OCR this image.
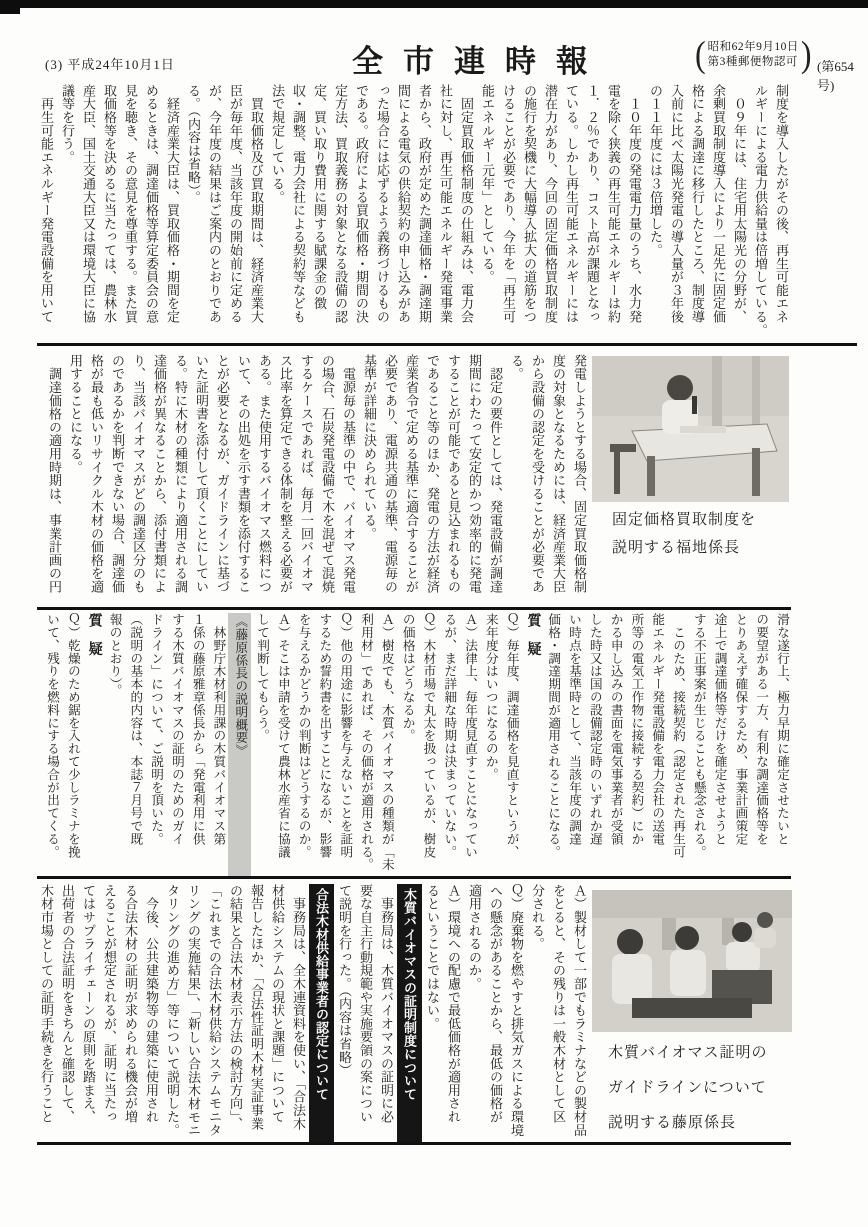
(3) 平成24年10月1日	全市連時報	( 昭和62年9月10日
第3種郵便物認可 ) (第654号)

制度を導入したがその後、再生可能エネ

ルギーによる電力供給量は倍増している。

　０９年には、住宅用太陽光の分野が、

余剰買取制度導入により一足先に固定価

格による調達に移行したところ、制度導

入前に比べ太陽光発電の導入量が３年後

の１１年度には３倍増した。

　１０年度の発電電力量のうち、水力発

電を除く狭義の再生可能エネルギーは約

１．２％であり、コスト高が課題となっ

ている。しかし再生可能エネルギーには

潜在力があり、今回の固定価格買取制度

の施行を契機に大幅導入拡大の道筋をつ

けることが必要であり、今年を「再生可

能エネルギー元年」としている。

　固定買取価格制度の仕組みは、電力会

社に対し、再生可能エネルギー発電事業

者から、政府が定めた調達価格・調達期

間による電気の供給契約の申し込みがあ

った場合には応ずるよう義務づけるもの

である。政府による買取価格・期間の決

定方法、買取義務の対象となる設備の認

定、買い取り費用に関する賦課金の徴

収・調整、電力会社による契約等なども

法で規定している。

　買取価格及び買取期間は、経済産業大

臣が毎年度、当該年度の開始前に定める

が、今年度の結果はご案内のとおりであ

る。（内容は省略）。

　経済産業大臣は、買取価格・期間を定

めるときは、調達価格等算定委員会の意

見を聴き、その意見を尊重する。また買

取価格等を決めるに当たっては、農林水

産大臣、国土交通大臣又は環境大臣に協

議等を行う。

　再生可能エネルギー発電設備を用いて

発電しようとする場合、固定買取価格制

度の対象となるためには、経済産業大臣

から設備の認定を受けることが必要であ

る。

　認定の要件としては、発電設備が調達

期間にわたって安定的かつ効率的に発電

することが可能であると見込まれるもの

であること等のほか、発電の方法が経済

産業省令で定める基準に適合することが

必要であり、電源共通の基準、電源毎の

基準が詳細に決められている。

　電源毎の基準の中で、バイオマス発電

の場合、石炭発電設備で木を混ぜて混焼

するケースであれば、毎月一回バイオマ

ス比率を算定できる体制を整える必要が

ある。また使用するバイオマス燃料につ

いて、その出処を示す書類を添付するこ

とが必要となるが、ガイドラインに基づ

いた証明書を添付して頂くことにしてい

る。特に木材の種類により適用される調

達価格が異なることから、添付書類によ

り、当該バイオマスがどの調達区分のも

のであるかを判断できない場合、調達価

格が最も低いリサイクル木材の価格を適

用することになる。

　調達価格の適用時期は、事業計画の円

滑な遂行上、極力早期に確定させたいと

の要望がある一方、有利な調達価格等を

とりあえず確保するため、事業計画策定

途上で調達価格等だけを確定させようと

する不正事案が生じることも懸念される。

　このため、接続契約（認定された再生可

能エネルギー発電設備を電力会社の送電

所等の電気工作物に接続する契約）にか

かる申し込みの書面を電気事業者が受領

した時又は国の設備認定時のいずれか遅

い時点を基準時として、当該年度の調達

価格・調達期間が適用されることになる。

質　疑

Ｑ）毎年度、調達価格を見直すというが、

来年度分はいつになるのか。

Ａ）法律上、毎年度見直すことになってい

るが、まだ詳細な時期は決まっていない。

Ｑ）木材市場で丸太を扱っているが、樹皮

の価格はどうなるか。

Ａ）樹皮でも、木質バイオマスの種類が「未

利用材」であれば、その価格が適用される。

Ｑ）他の用途に影響を与えないことを証明

するため誓約書を出すことになるが、影響

を与えるかどうかの判断はどうするのか。

Ａ）そこは申請を受けて農林水産省に協議

して判断してもらう。

《藤原係長の説明概要》

　林野庁木材利用課の木質バイオマス第

１係の藤原雅章係長から「発電利用に供

する木質バイオマスの証明のためのガイ

ドライン」について、ご説明を頂いた。

（説明の基本的内容は、本誌７月号で既

報のとおり）。

質　疑

Ｑ）乾燥のため鋸を入れて少しラミナを挽

いて、残りを燃料にする場合が出てくる。

Ａ）製材して一部でもラミナなどの製材品

をとると、その残りは一般木材として区

分される。

Ｑ）廃棄物を燃やすと排気ガスによる環境

への懸念があることから、最低の価格が

適用されるのか。

Ａ）環境への配慮で最低価格が適用され

るということではない。

木質バイオマスの証明制度について

　事務局は、木質バイオマスの証明に必

要な自主行動規範や実施要領の案につい

て説明を行った。（内容は省略）

合法木材供給事業者の認定について

　事務局は、全木連資料を使い、「合法木

材供給システムの現状と課題」について

報告したほか、「合法性証明木材実証事業

の結果と合法木材表示方法の検討方向」、

「これまでの合法木材供給システムモニタ

リングの実施結果」、「新しい合法木材モニ

タリングの進め方」等について説明した。

　今後、公共建築物等の建築に使用され

る合法木材の証明が求められる機会が増

えることが想定されるが、証明に当たっ

てはサプライチェーンの原則を踏まえ、

出荷者の合法証明をきちんと確認して、

木材市場としての証明手続きを行うこと

固定価格買取制度を

説明する福地係長

木質バイオマス証明の

ガイドラインについて

説明する藤原係長
